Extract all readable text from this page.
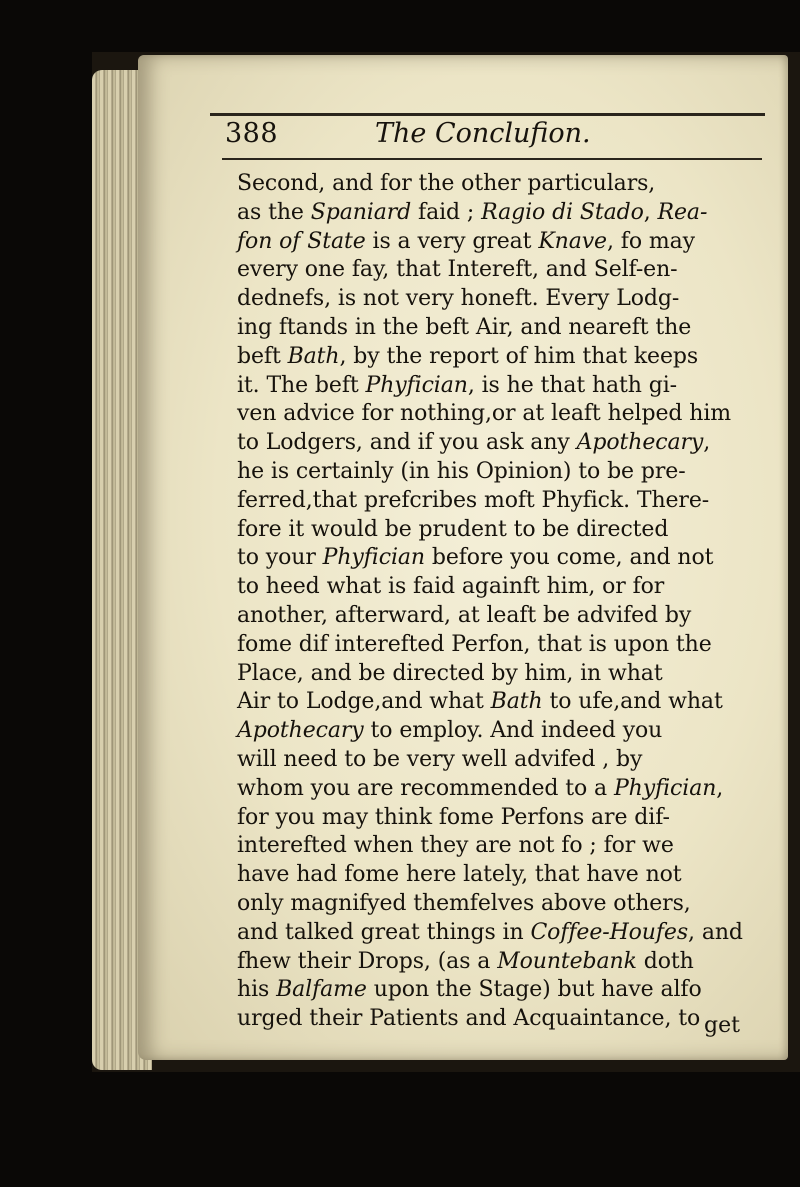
388	The Conclufion.
Second, and for the other particulars,
as the Spaniard faid ; Ragio di Stado, Rea-
fon of State is a very great Knave, fo may
every one fay, that Intereft, and Self-en-
dednefs, is not very honeft. Every Lodg-
ing ftands in the beft Air, and neareft the
beft Bath, by the report of him that keeps
it. The beft Phyfician, is he that hath gi-
ven advice for nothing,or at leaft helped him
to Lodgers, and if you ask any Apothecary,
he is certainly (in his Opinion) to be pre-
ferred,that prefcribes moft Phyfick. There-
fore it would be prudent to be directed
to your Phyfician before you come, and not
to heed what is faid againft him, or for
another, afterward, at leaft be advifed by
fome dif interefted Perfon, that is upon the
Place, and be directed by him, in what
Air to Lodge,and what Bath to ufe,and what
Apothecary to employ. And indeed you
will need to be very well advifed , by
whom you are recommended to a Phyfician,
for you may think fome Perfons are dif-
interefted when they are not fo ; for we
have had fome here lately, that have not
only magnifyed themfelves above others,
and talked great things in Coffee-Houfes, and
fhew their Drops, (as a Mountebank doth
his Balfame upon the Stage) but have alfo
urged their Patients and Acquaintance, to get
